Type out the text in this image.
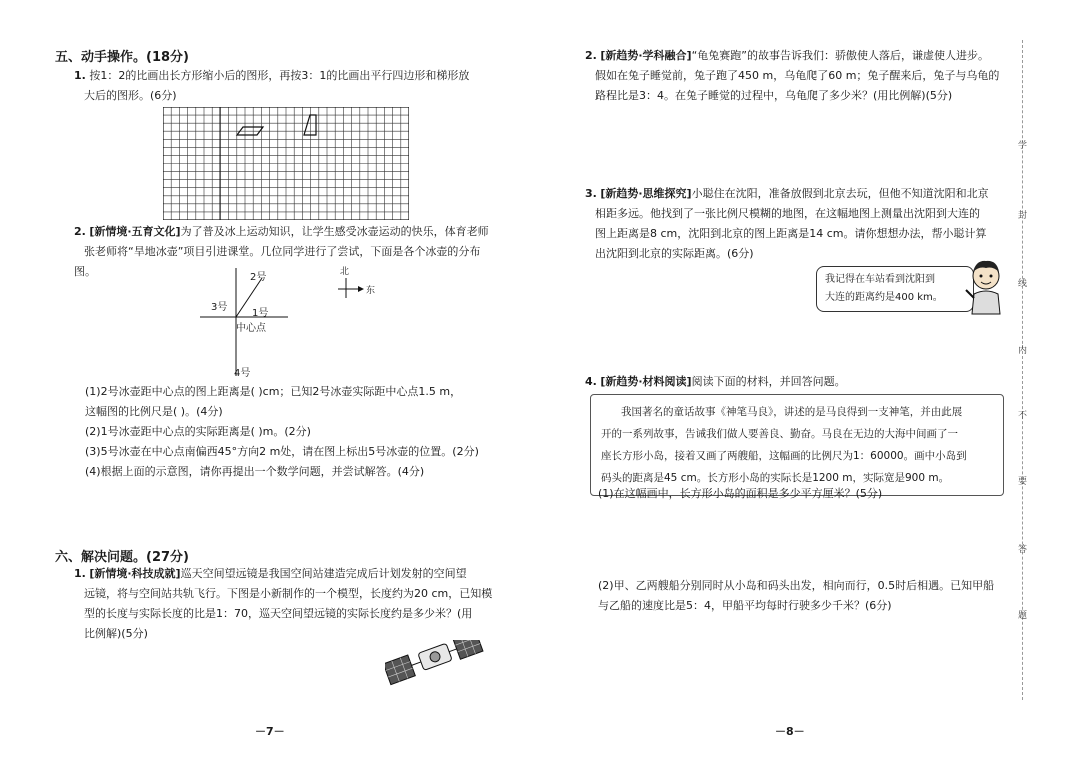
五、动手操作。(18分)
1. 按1：2的比画出长方形缩小后的图形，再按3：1的比画出平行四边形和梯形放
大后的图形。(6分)
2. [新情境·五育文化]为了普及冰上运动知识，让学生感受冰壶运动的快乐，体育老师
张老师将“旱地冰壶”项目引进课堂。几位同学进行了尝试，下面是各个冰壶的分布图。	2号
3号
1号
中心点
4号
北
东
(1)2号冰壶距中心点的图上距离是( )cm；已知2号冰壶实际距中心点1.5 m，
这幅图的比例尺是( )。(4分)
(2)1号冰壶距中心点的实际距离是( )m。(2分)
(3)5号冰壶在中心点南偏西45°方向2 m处，请在图上标出5号冰壶的位置。(2分)
(4)根据上面的示意图，请你再提出一个数学问题，并尝试解答。(4分)
六、解决问题。(27分)
1. [新情境·科技成就]巡天空间望远镜是我国空间站建造完成后计划发射的空间望
远镜，将与空间站共轨飞行。下图是小新制作的一个模型，长度约为20 cm，已知模
型的长度与实际长度的比是1：70，巡天空间望远镜的实际长度约是多少米？(用
比例解)(5分)
－7－
2. [新趋势·学科融合]“龟兔赛跑”的故事告诉我们：骄傲使人落后，谦虚使人进步。
假如在兔子睡觉前，兔子跑了450 m，乌龟爬了60 m；兔子醒来后，兔子与乌龟的
路程比是3：4。在兔子睡觉的过程中，乌龟爬了多少米？(用比例解)(5分)
3. [新趋势·思维探究]小聪住在沈阳，准备放假到北京去玩，但他不知道沈阳和北京
相距多远。他找到了一张比例尺模糊的地图，在这幅地图上测量出沈阳到大连的
图上距离是8 cm，沈阳到北京的图上距离是14 cm。请你想想办法，帮小聪计算
出沈阳到北京的实际距离。(6分)
我记得在车站看到沈阳到
大连的距离约是400 km。
4. [新趋势·材料阅读]阅读下面的材料，并回答问题。
我国著名的童话故事《神笔马良》，讲述的是马良得到一支神笔，并由此展
开的一系列故事，告诫我们做人要善良、勤奋。马良在无边的大海中间画了一
座长方形小岛，接着又画了两艘船，这幅画的比例尺为1：60000。画中小岛到
码头的距离是45 cm。长方形小岛的实际长是1200 m，实际宽是900 m。
(1)在这幅画中，长方形小岛的面积是多少平方厘米？(5分)
(2)甲、乙两艘船分别同时从小岛和码头出发，相向而行，0.5时后相遇。已知甲船
与乙船的速度比是5：4，甲船平均每时行驶多少千米？(6分)
－8－
学
封
线
内
不
要
答
题
